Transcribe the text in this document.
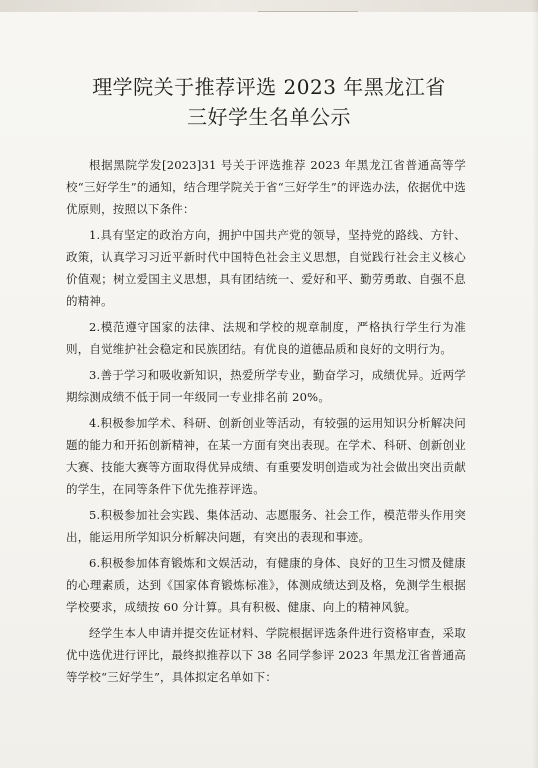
理学院关于推荐评选 2023 年黑龙江省
三好学生名单公示

根据黑院学发[2023]31 号关于评选推荐 2023 年黑龙江省普通高等学校“三好学生”的通知，结合理学院关于省“三好学生”的评选办法，依据优中选优原则，按照以下条件：

1.具有坚定的政治方向，拥护中国共产党的领导，坚持党的路线、方针、政策，认真学习习近平新时代中国特色社会主义思想，自觉践行社会主义核心价值观；树立爱国主义思想，具有团结统一、爱好和平、勤劳勇敢、自强不息的精神。

2.模范遵守国家的法律、法规和学校的规章制度，严格执行学生行为准则，自觉维护社会稳定和民族团结。有优良的道德品质和良好的文明行为。

3.善于学习和吸收新知识，热爱所学专业，勤奋学习，成绩优异。近两学期综测成绩不低于同一年级同一专业排名前 20%。

4.积极参加学术、科研、创新创业等活动，有较强的运用知识分析解决问题的能力和开拓创新精神，在某一方面有突出表现。在学术、科研、创新创业大赛、技能大赛等方面取得优异成绩、有重要发明创造或为社会做出突出贡献的学生，在同等条件下优先推荐评选。

5.积极参加社会实践、集体活动、志愿服务、社会工作，模范带头作用突出，能运用所学知识分析解决问题，有突出的表现和事迹。

6.积极参加体育锻炼和文娱活动，有健康的身体、良好的卫生习惯及健康的心理素质，达到《国家体育锻炼标准》，体测成绩达到及格，免测学生根据学校要求，成绩按 60 分计算。具有积极、健康、向上的精神风貌。

经学生本人申请并提交佐证材料、学院根据评选条件进行资格审查，采取优中选优进行评比，最终拟推荐以下 38 名同学参评 2023 年黑龙江省普通高等学校“三好学生”，具体拟定名单如下：
